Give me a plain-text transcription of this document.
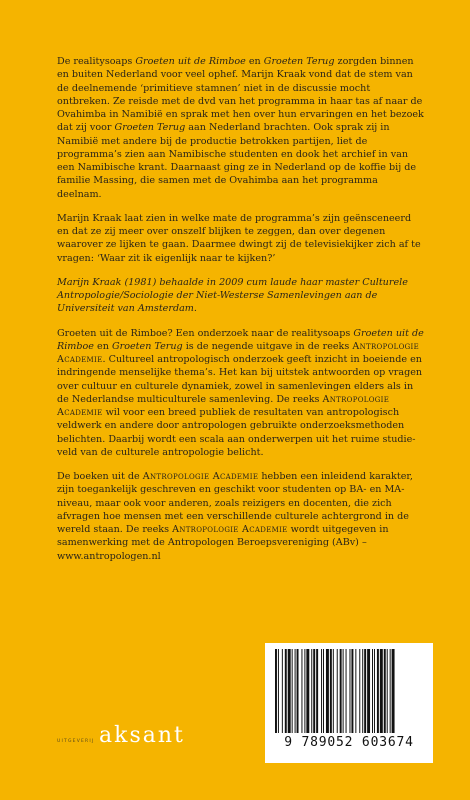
De realitysoaps Groeten uit de Rimboe en Groeten Terug zorgden binnen en buiten Nederland voor veel ophef. Marijn Kraak vond dat de stem van de deelnemende ‘primitieve stamnen’ niet in de discussie mocht ontbreken. Ze reisde met de dvd van het programma in haar tas af naar de Ovahimba in Namibië en sprak met hen over hun ervaringen en het bezoek dat zij voor Groeten Terug aan Nederland brachten. Ook sprak zij in Namibië met andere bij de productie betrokken partijen, liet de programma’s zien aan Namibische studenten en dook het archief in van een Namibische krant. Daarnaast ging ze in Nederland op de koffie bij de familie Massing, die samen met de Ovahimba aan het programma deelnam.

Marijn Kraak laat zien in welke mate de programma’s zijn geënsceneerd en dat ze zij meer over onszelf blijken te zeggen, dan over degenen waarover ze lijken te gaan. Daarmee dwingt zij de televisiekijker zich af te vragen: ‘Waar zit ik eigenlijk naar te kijken?’

Marijn Kraak (1981) behaalde in 2009 cum laude haar master Culturele Antropologie/Sociologie der Niet-Westerse Samenlevingen aan de Universiteit van Amsterdam.

Groeten uit de Rimboe? Een onderzoek naar de realitysoaps Groeten uit de Rimboe en Groeten Terug is de negende uitgave in de reeks Antropologie Academie. Cultureel antropologisch onderzoek geeft inzicht in boeiende en indringende menselijke thema’s. Het kan bij uitstek antwoorden op vragen over cultuur en culturele dynamiek, zowel in samenlevingen elders als in de Nederlandse multiculturele samenleving. De reeks Antropologie Academie wil voor een breed publiek de resultaten van antropologisch veldwerk en andere door antropologen gebruikte onderzoeksmethoden belichten. Daarbij wordt een scala aan onderwerpen uit het ruime studie-veld van de culturele antropologie belicht.

De boeken uit de Antropologie Academie hebben een inleidend karakter, zijn toegankelijk geschreven en geschikt voor studenten op BA- en MA-niveau, maar ook voor anderen, zoals reizigers en docenten, die zich afvragen hoe mensen met een verschillende culturele achtergrond in de wereld staan. De reeks Antropologie Academie wordt uitgegeven in samenwerking met de Antropologen Beroepsvereniging (ABv) – www.antropologen.nl

UITGEVERIJ aksant	9 789052 603674
